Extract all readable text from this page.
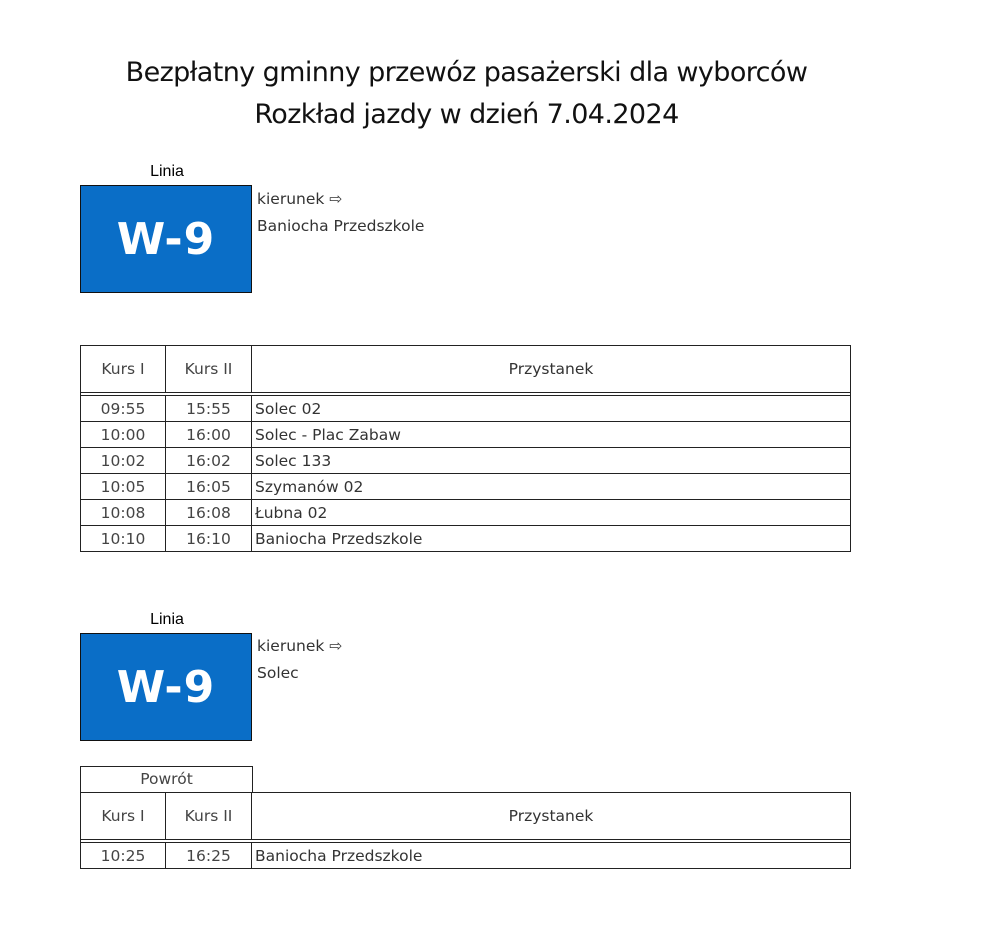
Bezpłatny gminny przewóz pasażerski dla wyborców
Rozkład jazdy w dzień 7.04.2024
Linia
W-9
kierunek ⇨
Baniocha Przedszkole
Kurs I	Kurs II	Przystanek

09:55	15:55	Solec 02
10:00	16:00	Solec - Plac Zabaw
10:02	16:02	Solec 133
10:05	16:05	Szymanów 02
10:08	16:08	Łubna 02
10:10	16:10	Baniocha Przedszkole
Linia
W-9
kierunek ⇨
Solec
Powrót
Kurs I	Kurs II	Przystanek

10:25	16:25	Baniocha Przedszkole
